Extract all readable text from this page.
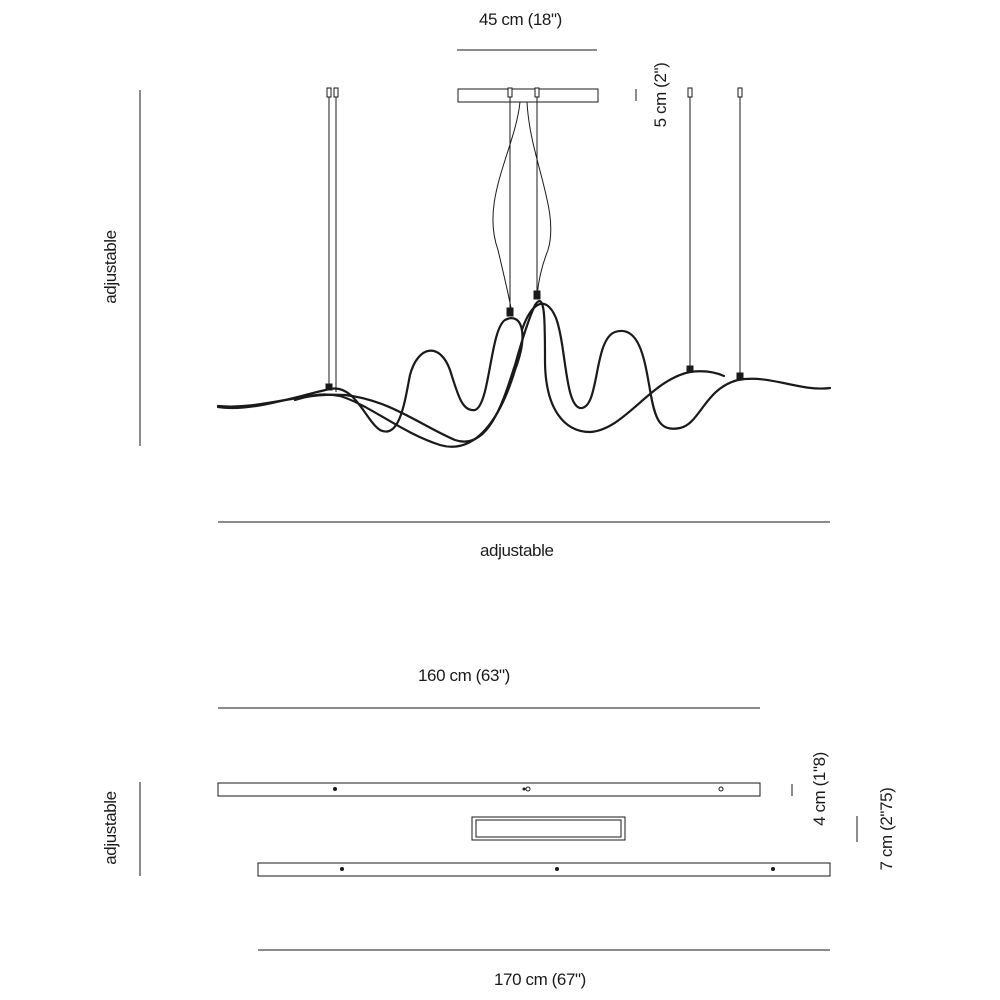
45 cm (18")
5 cm (2")
adjustable
adjustable
160 cm (63")
adjustable
4 cm (1"8)	7 cm (2"75)
170 cm (67")
